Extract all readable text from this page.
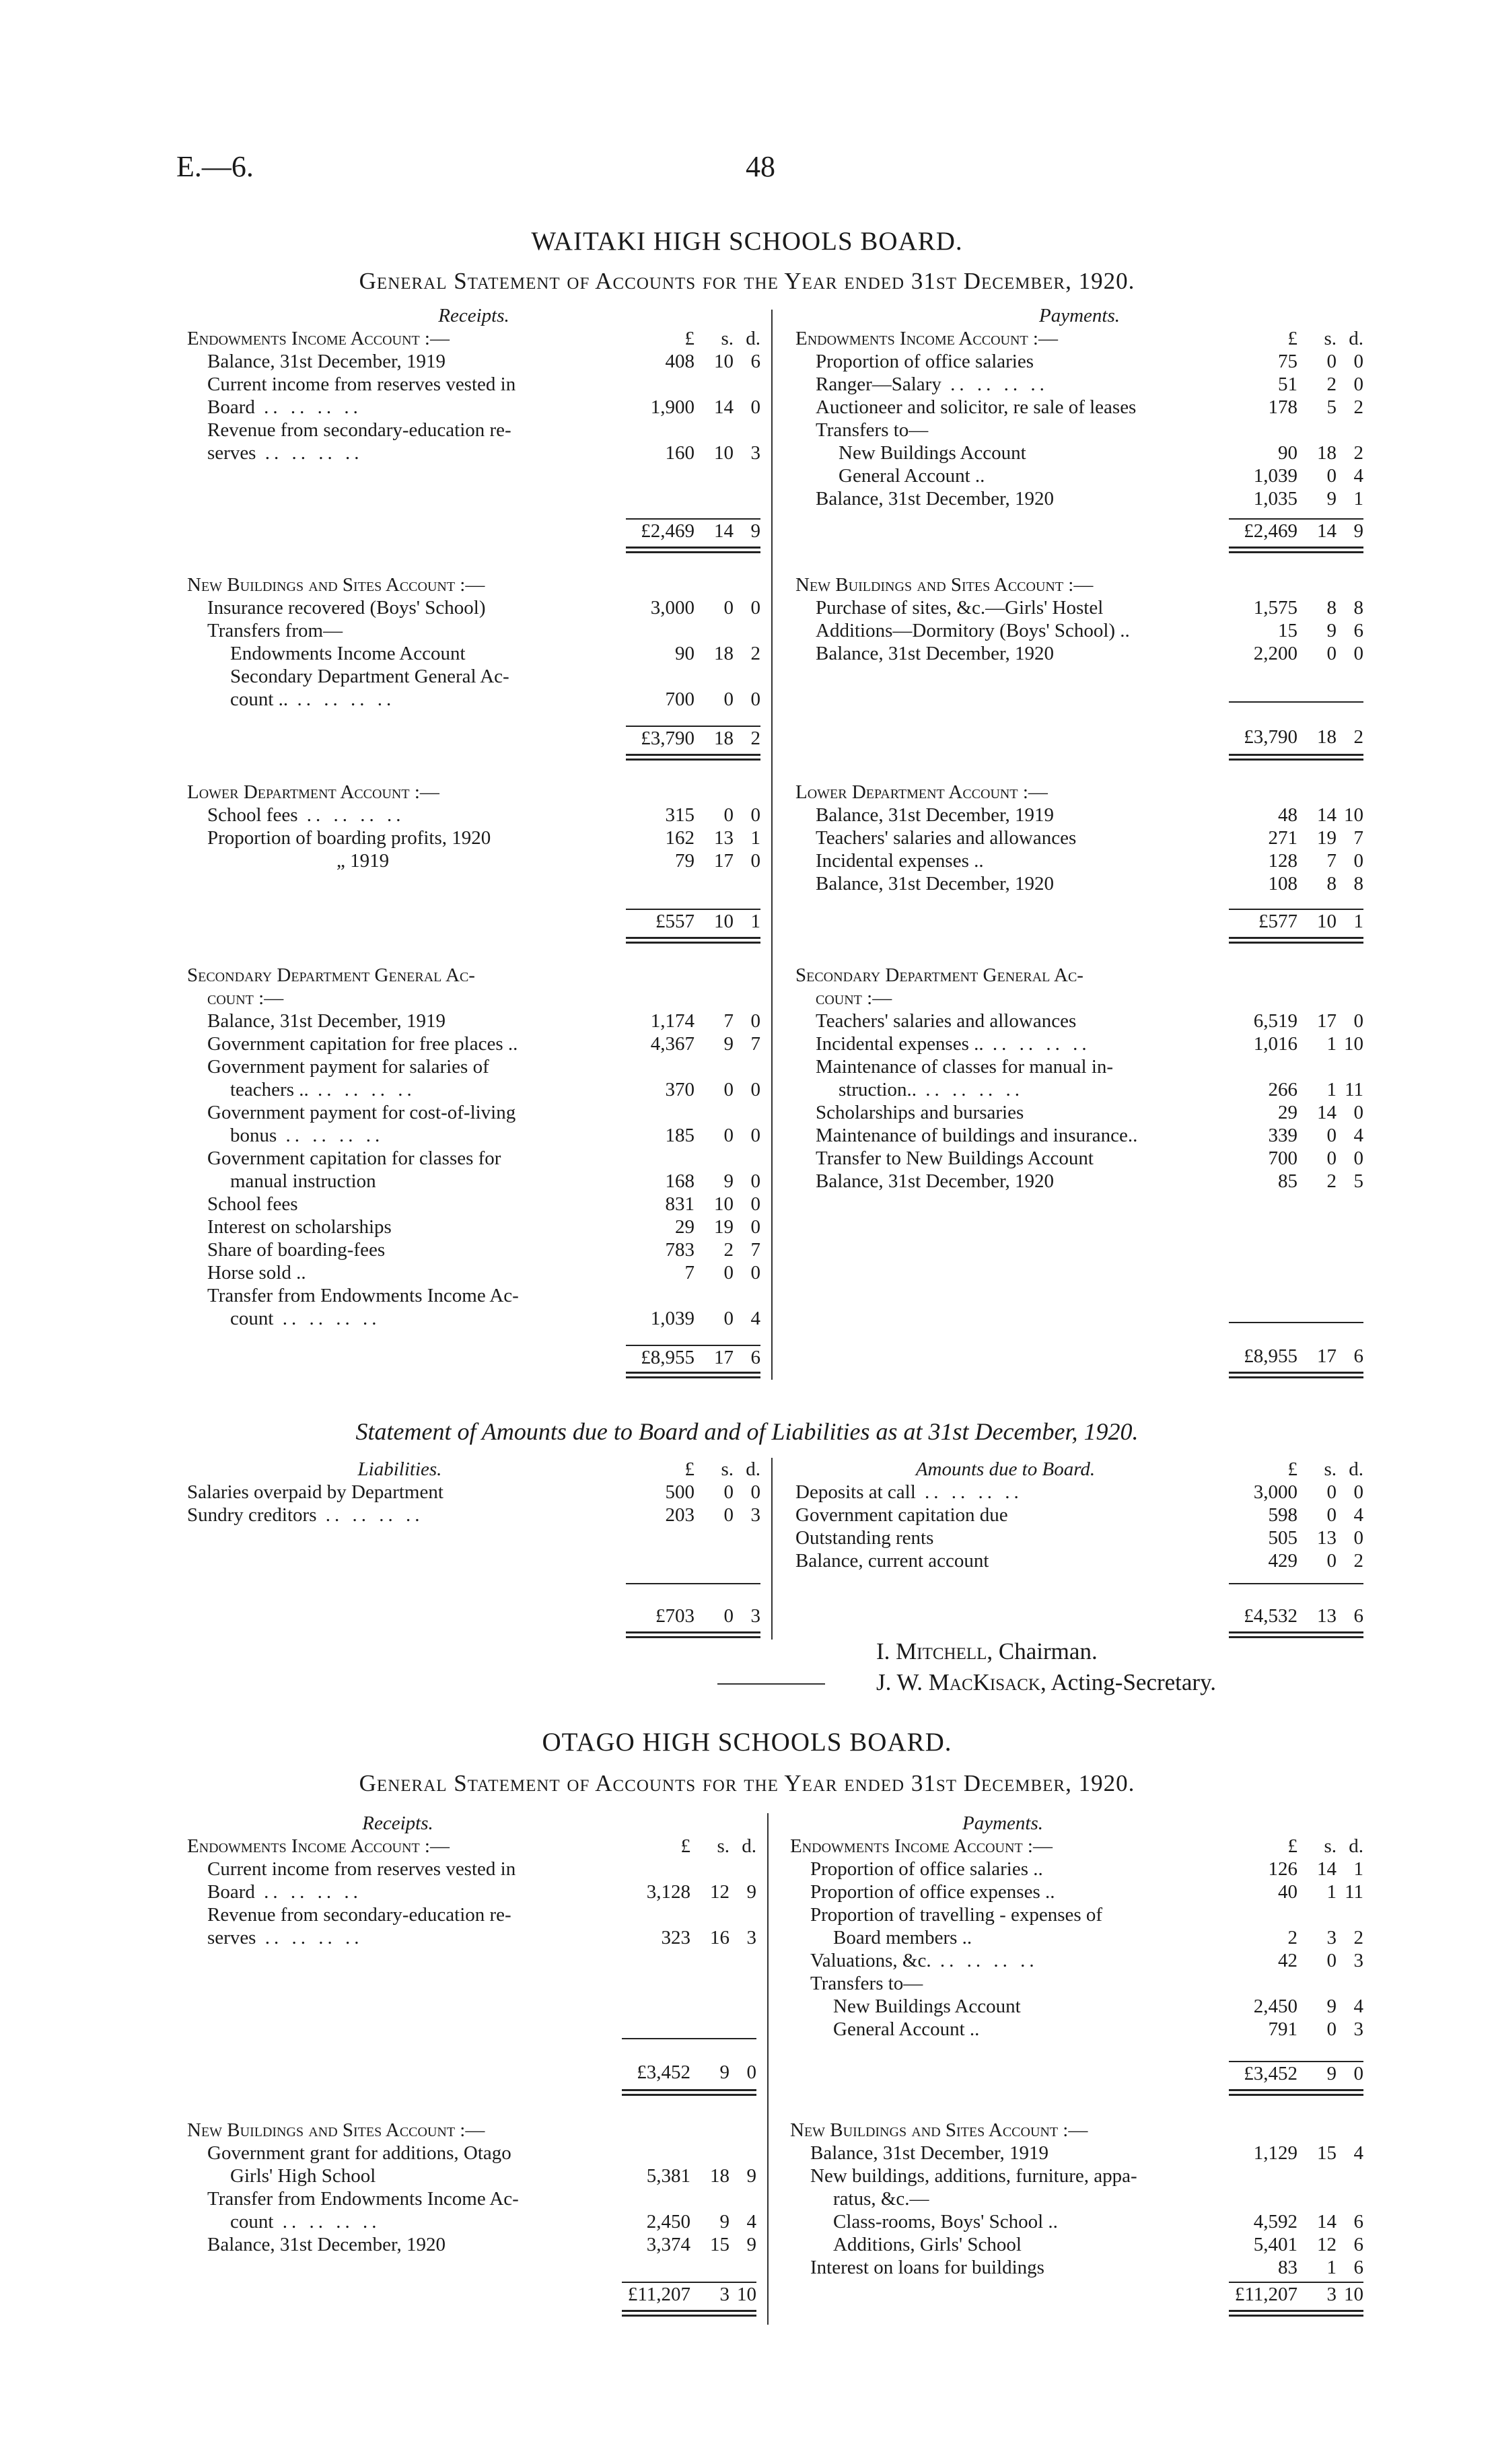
E.—6.	48
WAITAKI HIGH SCHOOLS BOARD.
General Statement of Accounts for the Year ended 31st December, 1920.
Receipts.
Endowments Income Account :—	£ s. d.
Balance, 31st December, 1919	408 10 6
Current income from reserves vested in
Board .. ..	1,900 14 0
Revenue from secondary-education re-
serves .. ..	160 10 3
£2,469 14 9
New Buildings and Sites Account :—
Insurance recovered (Boys' School)	3,000 0 0
Transfers from—
Endowments Income Account	90 18 2
Secondary Department General Ac-
count .. .. ..	700 0 0
£3,790 18 2
Lower Department Account :—
School fees .. ..	315 0 0
Proportion of boarding profits, 1920	162 13 1
„ 1919	79 17 0
£557 10 1
Secondary Department General Ac-
count :—
Balance, 31st December, 1919	1,174 7 0
Government capitation for free places ..	4,367 9 7
Government payment for salaries of
teachers .. .. ..	370 0 0
Government payment for cost-of-living
bonus .. ..	185 0 0
Government capitation for classes for
manual instruction	168 9 0
School fees	831 10 0
Interest on scholarships	29 19 0
Share of boarding-fees	783 2 7
Horse sold ..	7 0 0
Transfer from Endowments Income Ac-
count .. ..	1,039 0 4
£8,955 17 6
Payments.
Endowments Income Account :—	£ s. d.
Proportion of office salaries	75 0 0
Ranger—Salary .. ..	51 2 0
Auctioneer and solicitor, re sale of leases	178 5 2
Transfers to—
New Buildings Account	90 18 2
General Account ..	1,039 0 4
Balance, 31st December, 1920	1,035 9 1
£2,469 14 9
New Buildings and Sites Account :—
Purchase of sites, &c.—Girls' Hostel	1,575 8 8
Additions—Dormitory (Boys' School) ..	15 9 6
Balance, 31st December, 1920	2,200 0 0
£3,790 18 2
Lower Department Account :—
Balance, 31st December, 1919	48 14 10
Teachers' salaries and allowances	271 19 7
Incidental expenses ..	128 7 0
Balance, 31st December, 1920	108 8 8
£577 10 1
Secondary Department General Ac-
count :—
Teachers' salaries and allowances	6,519 17 0
Incidental expenses .. .. ..	1,016 1 10
Maintenance of classes for manual in-
struction.. .. ..	266 1 11
Scholarships and bursaries	29 14 0
Maintenance of buildings and insurance..	339 0 4
Transfer to New Buildings Account	700 0 0
Balance, 31st December, 1920	85 2 5
£8,955 17 6
Statement of Amounts due to Board and of Liabilities as at 31st December, 1920.
Liabilities.	£ s. d.
Salaries overpaid by Department	500 0 0
Sundry creditors .. ..	203 0 3
£703 0 3
Amounts due to Board.	£ s. d.
Deposits at call .. ..	3,000 0 0
Government capitation due	598 0 4
Outstanding rents	505 13 0
Balance, current account	429 0 2
£4,532 13 6
I. Mitchell, Chairman.
J. W. MacKisack, Acting-Secretary.
OTAGO HIGH SCHOOLS BOARD.
General Statement of Accounts for the Year ended 31st December, 1920.
Receipts.
Endowments Income Account :—	£ s. d.
Current income from reserves vested in
Board .. ..	3,128 12 9
Revenue from secondary-education re-
serves .. ..	323 16 3
£3,452 9 0
New Buildings and Sites Account :—
Government grant for additions, Otago
Girls' High School	5,381 18 9
Transfer from Endowments Income Ac-
count .. ..	2,450 9 4
Balance, 31st December, 1920	3,374 15 9
£11,207 3 10
Payments.
Endowments Income Account :—	£ s. d.
Proportion of office salaries ..	126 14 1
Proportion of office expenses ..	40 1 11
Proportion of travelling - expenses of
Board members ..	2 3 2
Valuations, &c. .. ..	42 0 3
Transfers to—
New Buildings Account	2,450 9 4
General Account ..	791 0 3
£3,452 9 0
New Buildings and Sites Account :—
Balance, 31st December, 1919	1,129 15 4
New buildings, additions, furniture, appa-
ratus, &c.—
Class-rooms, Boys' School ..	4,592 14 6
Additions, Girls' School	5,401 12 6
Interest on loans for buildings	83 1 6
£11,207 3 10
